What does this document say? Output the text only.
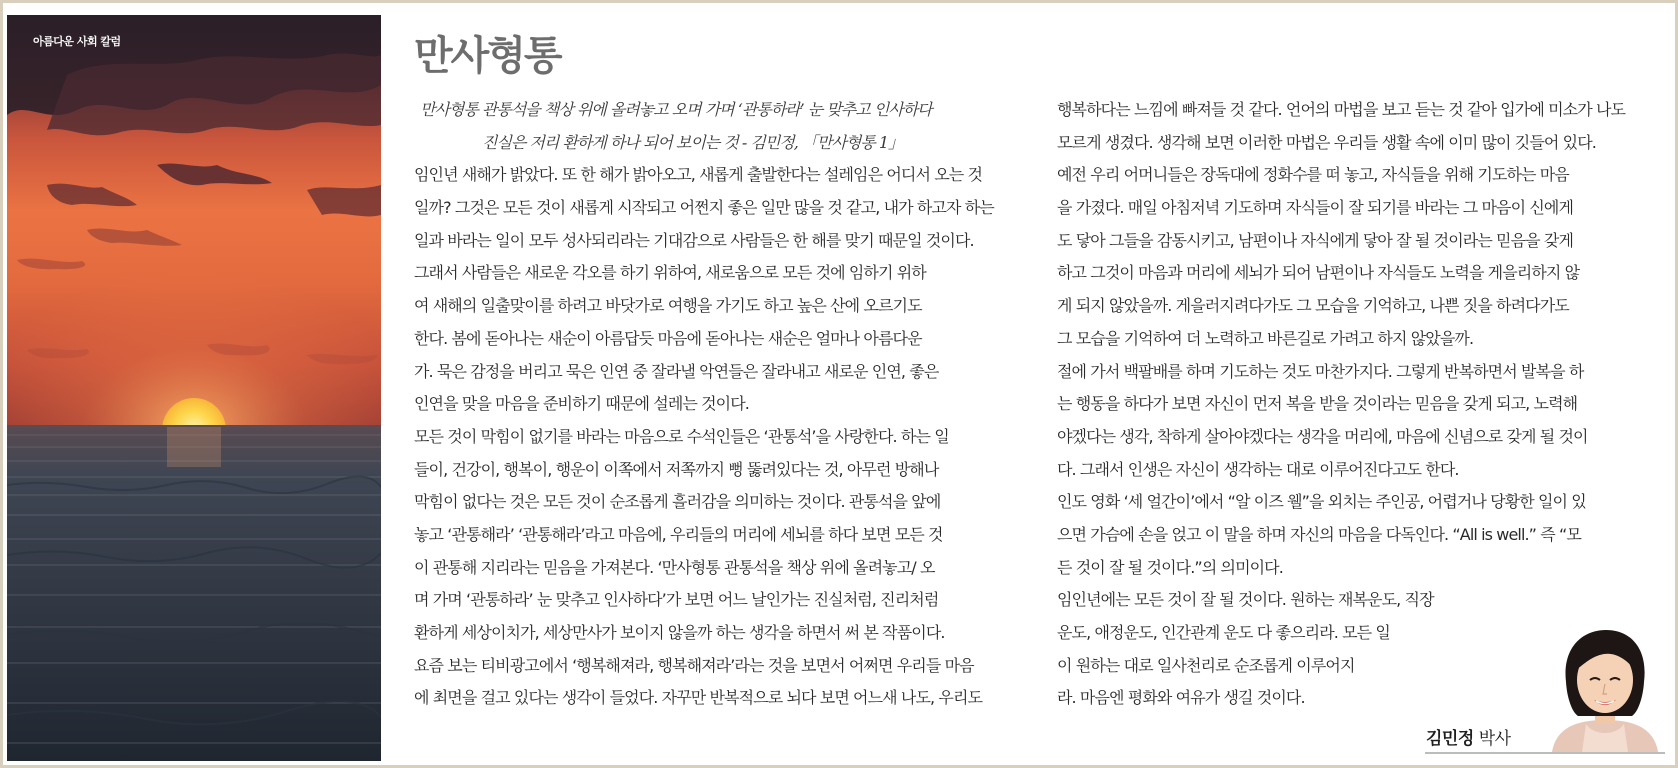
아름다운 사회 칼럼	만사형통
만사형통 관통석을 책상 위에 올려놓고 오며 가며 ‘관통하라’ 눈 맞추고 인사하다
진실은 저리 환하게 하나 되어 보이는 것 - 김민정, 「만사형통 1」
임인년 새해가 밝았다. 또 한 해가 밝아오고, 새롭게 출발한다는 설레임은 어디서 오는 것
일까? 그것은 모든 것이 새롭게 시작되고 어쩐지 좋은 일만 많을 것 같고, 내가 하고자 하는
일과 바라는 일이 모두 성사되리라는 기대감으로 사람들은 한 해를 맞기 때문일 것이다.
그래서 사람들은 새로운 각오를 하기 위하여, 새로움으로 모든 것에 임하기 위하
여 새해의 일출맞이를 하려고 바닷가로 여행을 가기도 하고 높은 산에 오르기도
한다. 봄에 돋아나는 새순이 아름답듯 마음에 돋아나는 새순은 얼마나 아름다운
가. 묵은 감정을 버리고 묵은 인연 중 잘라낼 악연들은 잘라내고 새로운 인연, 좋은
인연을 맞을 마음을 준비하기 때문에 설레는 것이다.
모든 것이 막힘이 없기를 바라는 마음으로 수석인들은 ‘관통석’을 사랑한다. 하는 일
들이, 건강이, 행복이, 행운이 이쪽에서 저쪽까지 뻥 뚫려있다는 것, 아무런 방해나
막힘이 없다는 것은 모든 것이 순조롭게 흘러감을 의미하는 것이다. 관통석을 앞에
놓고 ‘관통해라’ ‘관통해라’라고 마음에, 우리들의 머리에 세뇌를 하다 보면 모든 것
이 관통해 지리라는 믿음을 가져본다. ‘만사형통 관통석을 책상 위에 올려놓고/ 오
며 가며 ‘관통하라’ 눈 맞추고 인사하다’가 보면 어느 날인가는 진실처럼, 진리처럼
환하게 세상이치가, 세상만사가 보이지 않을까 하는 생각을 하면서 써 본 작품이다.
요즘 보는 티비광고에서 ‘행복해져라, 행복해져라’라는 것을 보면서 어쩌면 우리들 마음
에 최면을 걸고 있다는 생각이 들었다. 자꾸만 반복적으로 뇌다 보면 어느새 나도, 우리도
행복하다는 느낌에 빠져들 것 같다. 언어의 마법을 보고 듣는 것 같아 입가에 미소가 나도
모르게 생겼다. 생각해 보면 이러한 마법은 우리들 생활 속에 이미 많이 깃들어 있다.
예전 우리 어머니들은 장독대에 정화수를 떠 놓고, 자식들을 위해 기도하는 마음
을 가졌다. 매일 아침저녁 기도하며 자식들이 잘 되기를 바라는 그 마음이 신에게
도 닿아 그들을 감동시키고, 남편이나 자식에게 닿아 잘 될 것이라는 믿음을 갖게
하고 그것이 마음과 머리에 세뇌가 되어 남편이나 자식들도 노력을 게을리하지 않
게 되지 않았을까. 게을러지려다가도 그 모습을 기억하고, 나쁜 짓을 하려다가도
그 모습을 기억하여 더 노력하고 바른길로 가려고 하지 않았을까.
절에 가서 백팔배를 하며 기도하는 것도 마찬가지다. 그렇게 반복하면서 발복을 하
는 행동을 하다가 보면 자신이 먼저 복을 받을 것이라는 믿음을 갖게 되고, 노력해
야겠다는 생각, 착하게 살아야겠다는 생각을 머리에, 마음에 신념으로 갖게 될 것이
다. 그래서 인생은 자신이 생각하는 대로 이루어진다고도 한다.
인도 영화 ‘세 얼간이’에서 “알 이즈 웰”을 외치는 주인공, 어렵거나 당황한 일이 있
으면 가슴에 손을 얹고 이 말을 하며 자신의 마음을 다독인다. “All is well.” 즉 “모
든 것이 잘 될 것이다.”의 의미이다.
임인년에는 모든 것이 잘 될 것이다. 원하는 재복운도, 직장
운도, 애정운도, 인간관계 운도 다 좋으리라. 모든 일
이 원하는 대로 일사천리로 순조롭게 이루어지
라. 마음엔 평화와 여유가 생길 것이다.
김민정 박사
